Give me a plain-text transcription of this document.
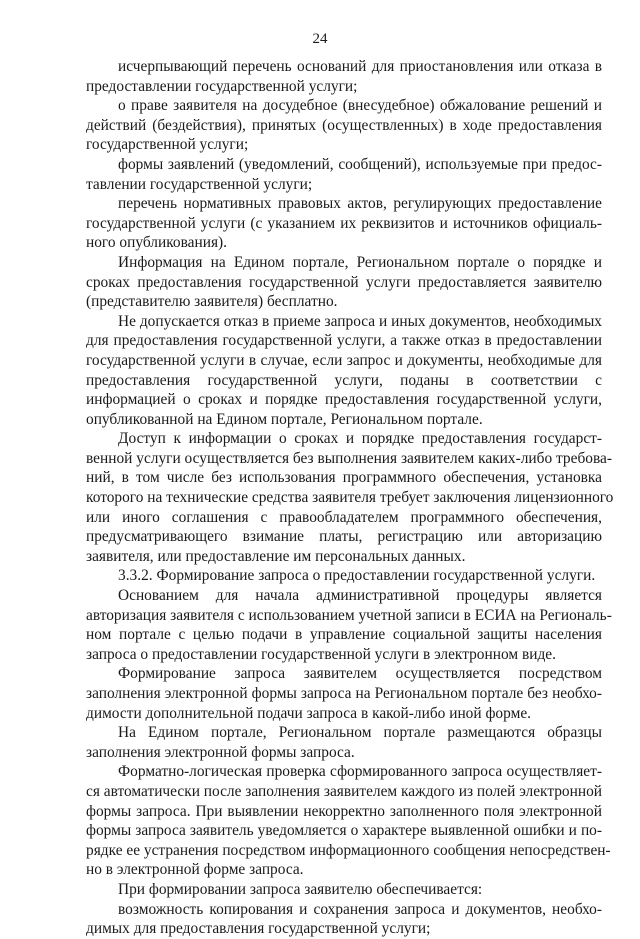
24
исчерпывающий перечень оснований для приостановления или отказа в
предоставлении государственной услуги;
о праве заявителя на досудебное (внесудебное) обжалование решений и
действий (бездействия), принятых (осуществленных) в ходе предоставления
государственной услуги;
формы заявлений (уведомлений, сообщений), используемые при предос-
тавлении государственной услуги;
перечень нормативных правовых актов, регулирующих предоставление
государственной услуги (с указанием их реквизитов и источников официаль-
ного опубликования).
Информация на Едином портале, Региональном портале о порядке и
сроках предоставления государственной услуги предоставляется заявителю
(представителю заявителя) бесплатно.
Не допускается отказ в приеме запроса и иных документов, необходимых
для предоставления государственной услуги, а также отказ в предоставлении
государственной услуги в случае, если запрос и документы, необходимые для
предоставления государственной услуги, поданы в соответствии с
информацией о сроках и порядке предоставления государственной услуги,
опубликованной на Едином портале, Региональном портале.
Доступ к информации о сроках и порядке предоставления государст-
венной услуги осуществляется без выполнения заявителем каких-либо требова-
ний, в том числе без использования программного обеспечения, установка
которого на технические средства заявителя требует заключения лицензионного
или иного соглашения с правообладателем программного обеспечения,
предусматривающего взимание платы, регистрацию или авторизацию
заявителя, или предоставление им персональных данных.
3.3.2. Формирование запроса о предоставлении государственной услуги.
Основанием для начала административной процедуры является
авторизация заявителя с использованием учетной записи в ЕСИА на Региональ-
ном портале с целью подачи в управление социальной защиты населения
запроса о предоставлении государственной услуги в электронном виде.
Формирование запроса заявителем осуществляется посредством
заполнения электронной формы запроса на Региональном портале без необхо-
димости дополнительной подачи запроса в какой-либо иной форме.
На Едином портале, Региональном портале размещаются образцы
заполнения электронной формы запроса.
Форматно-логическая проверка сформированного запроса осуществляет-
ся автоматически после заполнения заявителем каждого из полей электронной
формы запроса. При выявлении некорректно заполненного поля электронной
формы запроса заявитель уведомляется о характере выявленной ошибки и по-
рядке ее устранения посредством информационного сообщения непосредствен-
но в электронной форме запроса.
При формировании запроса заявителю обеспечивается:
возможность копирования и сохранения запроса и документов, необхо-
димых для предоставления государственной услуги;
